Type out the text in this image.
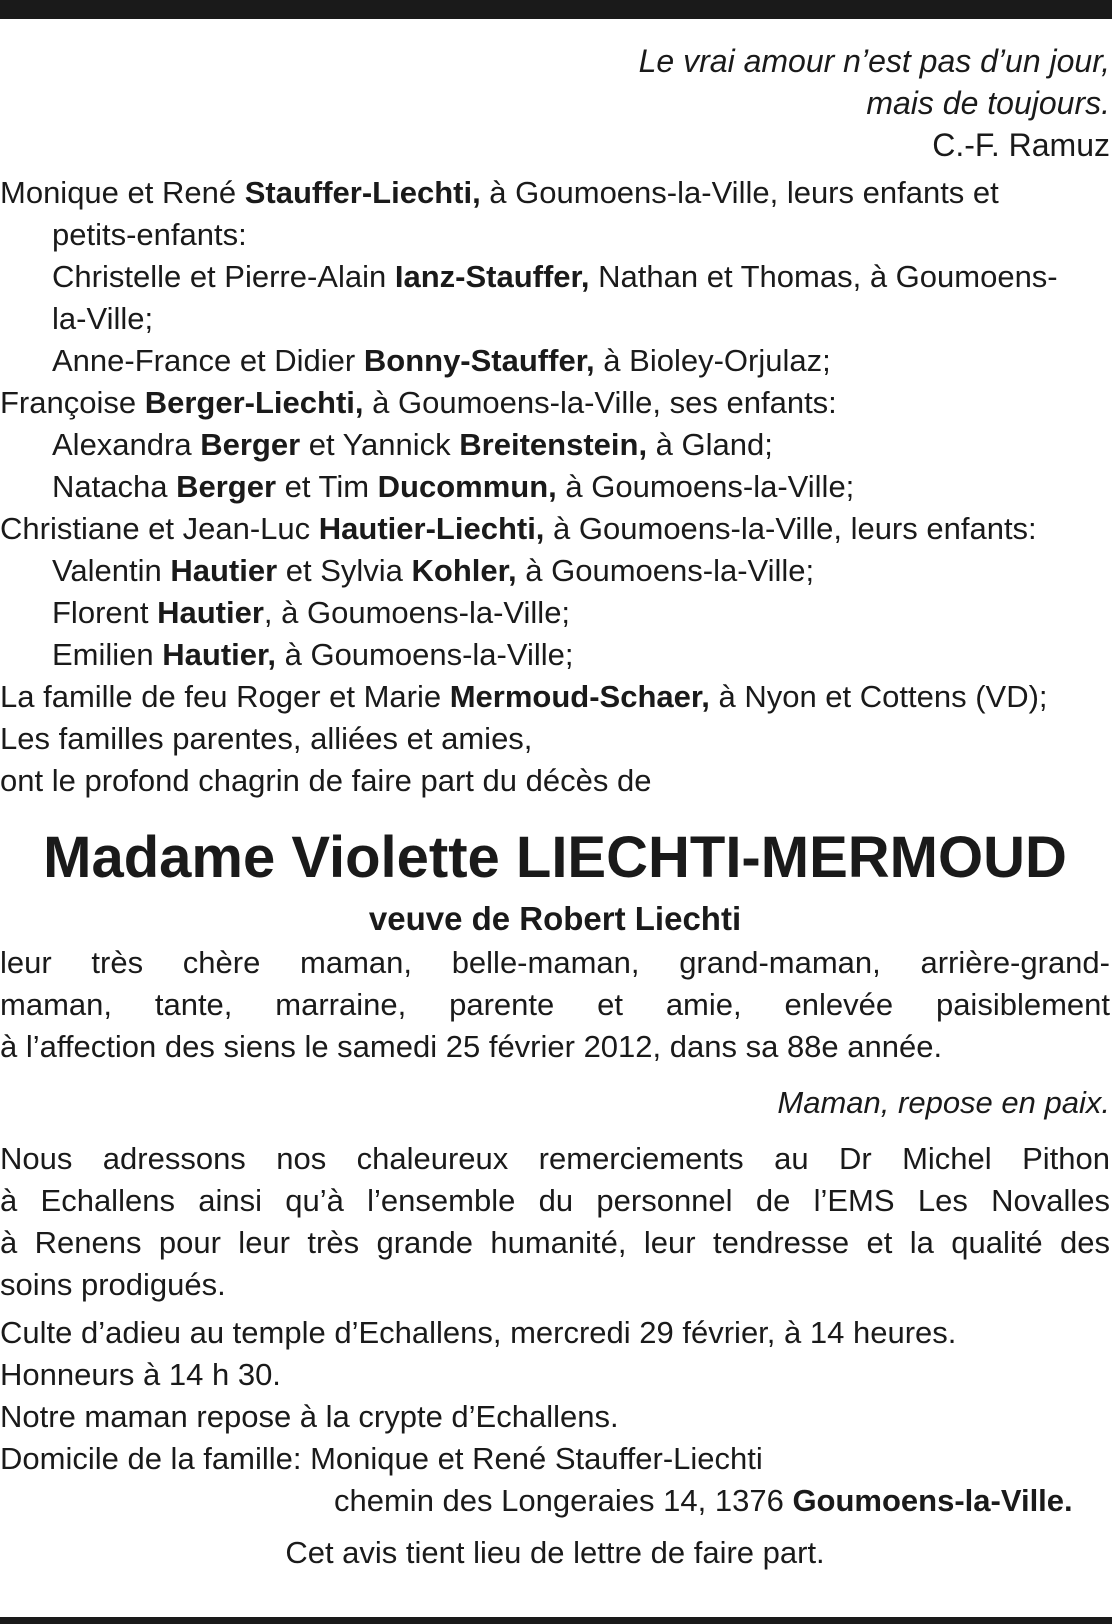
Le vrai amour n’est pas d’un jour,
mais de toujours.
C.-F. Ramuz
Monique et René Stauffer-Liechti, à Goumoens-la-Ville, leurs enfants et
petits-enfants:
Christelle et Pierre-Alain Ianz-Stauffer, Nathan et Thomas, à Goumoens-
la-Ville;
Anne-France et Didier Bonny-Stauffer, à Bioley-Orjulaz;
Françoise Berger-Liechti, à Goumoens-la-Ville, ses enfants:
Alexandra Berger et Yannick Breitenstein, à Gland;
Natacha Berger et Tim Ducommun, à Goumoens-la-Ville;
Christiane et Jean-Luc Hautier-Liechti, à Goumoens-la-Ville, leurs enfants:
Valentin Hautier et Sylvia Kohler, à Goumoens-la-Ville;
Florent Hautier, à Goumoens-la-Ville;
Emilien Hautier, à Goumoens-la-Ville;
La famille de feu Roger et Marie Mermoud-Schaer, à Nyon et Cottens (VD);
Les familles parentes, alliées et amies,
ont le profond chagrin de faire part du décès de
Madame Violette LIECHTI-MERMOUD
veuve de Robert Liechti
leur très chère maman, belle-maman, grand-maman, arrière-grand-
maman, tante, marraine, parente et amie, enlevée paisiblement
à l’affection des siens le samedi 25 février 2012, dans sa 88e année.
Maman, repose en paix.
Nous adressons nos chaleureux remerciements au Dr Michel Pithon
à Echallens ainsi qu’à l’ensemble du personnel de l’EMS Les Novalles
à Renens pour leur très grande humanité, leur tendresse et la qualité des
soins prodigués.
Culte d’adieu au temple d’Echallens, mercredi 29 février, à 14 heures.
Honneurs à 14 h 30.
Notre maman repose à la crypte d’Echallens.
Domicile de la famille: Monique et René Stauffer-Liechti
chemin des Longeraies 14, 1376 Goumoens-la-Ville.
Cet avis tient lieu de lettre de faire part.
